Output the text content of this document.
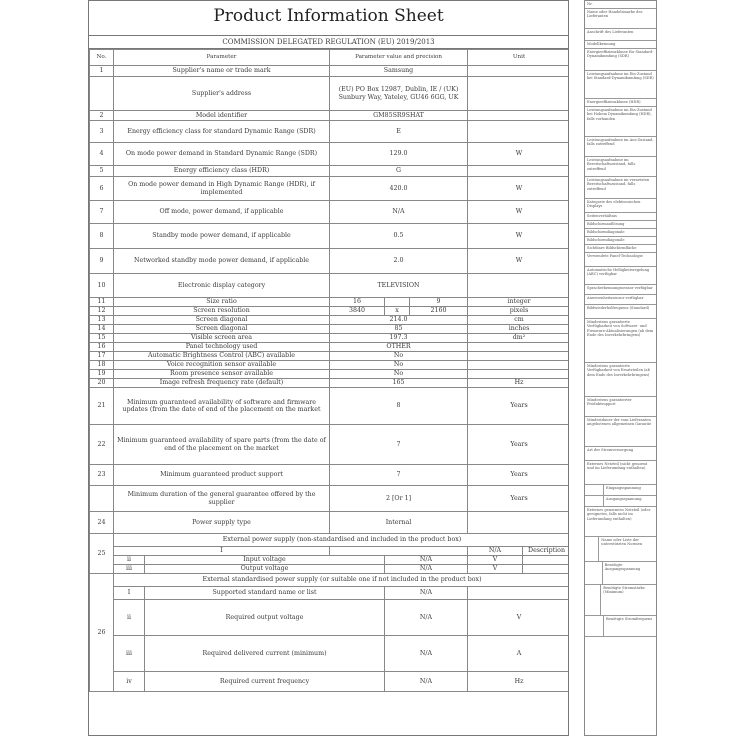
Product Information Sheet
COMMISSION DELEGATED REGULATION (EU) 2019/2013
No.	Parameter		Parameter value and precision			Unit	
1	Supplier's name or trade mark		Samsung				
	Supplier's address		(EU) PO Box 12987, Dublin, IE / (UK) Sunbury Way, Yateley, GU46 6GG, UK				
2	Model identifier		GM85SR9SHAT				
3	Energy efficiency class for standard Dynamic Range (SDR)		E				
4	On mode power demand in Standard Dynamic Range (SDR)		129.0			W	
5	Energy efficiency class (HDR)		G				
6	On mode power demand in High Dynamic Range (HDR), if implemented		420.0			W	
7	Off mode, power demand, if applicable		N/A			W	
8	Standby mode power demand, if applicable		0.5			W	
9	Networked standby mode power demand, if applicable		2.0			W	
10	Electronic display category		TELEVISION				
11	Size ratio		16		9	integer	
12	Screen resolution		3840	x	2160	pixels	
13	Screen diagonal		214.0			cm	
14	Screen diagonal		85			inches	
15	Visible screen area		197.3			dm²	
16	Panel technology used		OTHER				
17	Automatic Brightness Control (ABC) available		No				
18	Voice recognition sensor available		No				
19	Room presence sensor available		No				
20	Image refresh frequency rate (default)		165			Hz	
21	Minimum guaranteed availability of software and firmware updates (from the date of end of the placement on the market		8			Years	
22	Minimum guaranteed availability of spare parts (from the date of end of the placement on the market		7			Years	
23	Minimum guaranteed product support		7			Years	
	Minimum duration of the general guarantee offered by the supplier		2 [Or 1]			Years	
24	Power supply type		Internal				
25	External power supply (non-standardised and included in the product box)						
	I					N/A	Description
	ii	Input voltage		N/A		V	
	iii	Output voltage		N/A		V	
26	External standardised power supply (or suitable one if not included in the product box)						
	I	Supported standard name or list		N/A			
	ii	Required output voltage		N/A		V	
	iii	Required delivered current (minimum)		N/A		A	
	iv	Required current frequency		N/A		Hz	
Nr.
Name oder Handelsmarke des Lieferanten
Anschrift des Lieferanten
Modellkennung
Energieeffizienzklasse für Standard-Dynamikumfang (SDR)
Leistungsaufnahme im Ein-Zustand bei Standard-Dynamikumfang (SDR)
Energieeffizienzklasse (HDR)
Leistungsaufnahme im Ein-Zustand bei Hohem Dynamikumfang (HDR), falls vorhanden
Leistungsaufnahme im Aus-Zustand, falls zutreffend
Leistungsaufnahme im Bereitschaftszustand, falls zutreffend
Leistungsaufnahme im vernetzten Bereitschaftszustand, falls zutreffend
Kategorie des elektronischen Displays
Seitenverhältnis
Bildschirmauflösung
Bildschirmdiagonale
Bildschirmdiagonale
Sichtbare Bildschirmfläche
Verwendete Panel-Technologie
Automatische Helligkeitsregelung (ABC) verfügbar
Spracherkennungssensor verfügbar
Anwesenheitssensor verfügbar
Bildwiederholfrequenz (Standard)
Mindestens garantierte Verfügbarkeit von Software- und Firmware-Aktualisierungen (ab dem Ende des Inverkehrbringens)
Mindestens garantierte Verfügbarkeit von Ersatzteilen (ab dem Ende des Inverkehrbringens)
Mindestens garantierter Produktsupport
Mindestdauer der vom Lieferanten angebotenen allgemeinen Garantie
Art der Stromversorgung
Externes Netzteil (nicht genormt und im Lieferumfang enthalten)
Eingangsspannung
Ausgangsspannung
Externes genormtes Netzteil (oder geeignetes, falls nicht im Lieferumfang enthalten)
Name oder Liste der unterstützten Normen
Benötigte Ausgangsspannung
Benötigte Stromstärke (Minimum)
Benötigte Stromfrequenz
